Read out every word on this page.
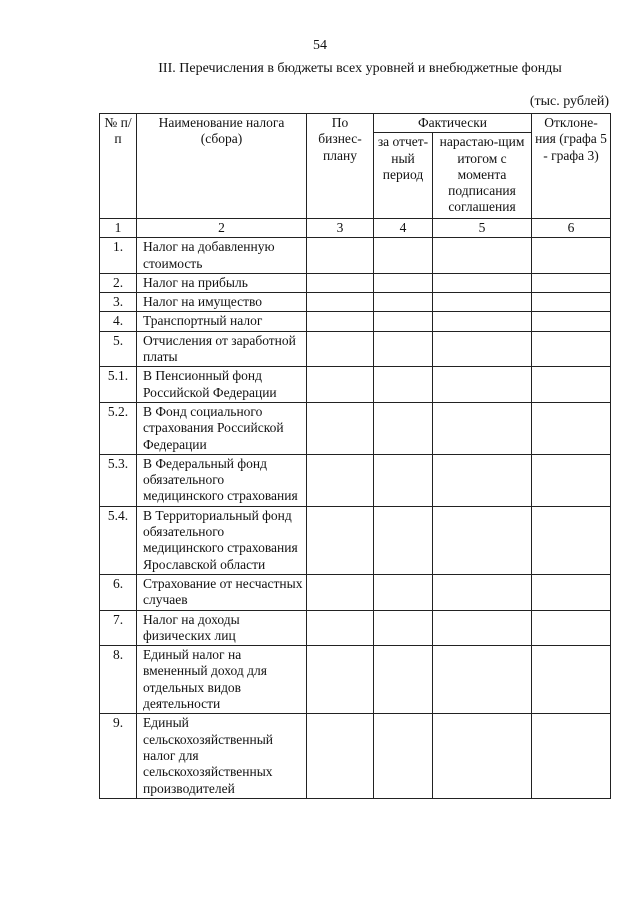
54
III. Перечисления в бюджеты всех уровней и внебюджетные фонды
(тыс. рублей)
№ п/п	Наименование налога (сбора)	По бизнес-плану	Фактически		Отклоне-ния (графа 5 - графа 3)
			за отчет-ный период	нарастаю-щим итогом с момента подписания соглашения	
1	2	3	4	5	6
1.	Налог на добавленную стоимость				
2.	Налог на прибыль				
3.	Налог на имущество				
4.	Транспортный налог				
5.	Отчисления от заработной платы				
5.1.	В Пенсионный фонд Российской Федерации				
5.2.	В Фонд социального страхования Российской Федерации				
5.3.	В Федеральный фонд обязательного медицинского страхования				
5.4.	В Территориальный фонд обязательного медицинского страхования Ярославской области				
6.	Страхование от несчастных случаев				
7.	Налог на доходы физических лиц				
8.	Единый налог на вмененный доход для отдельных видов деятельности				
9.	Единый сельскохозяйственный налог для сельскохозяйственных производителей				
